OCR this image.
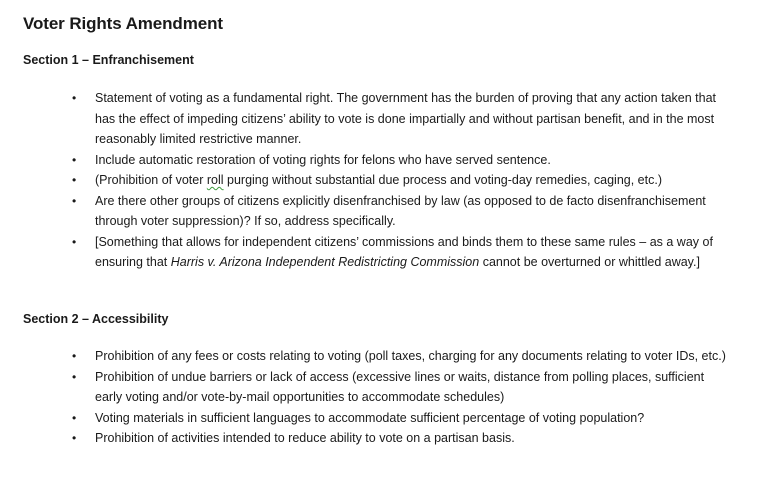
Voter Rights Amendment
Section 1 – Enfranchisement
• Statement of voting as a fundamental right. The government has the burden of proving that any action taken that has the effect of impeding citizens’ ability to vote is done impartially and without partisan benefit, and in the most reasonably limited restrictive manner.
• Include automatic restoration of voting rights for felons who have served sentence.
• (Prohibition of voter roll purging without substantial due process and voting-day remedies, caging, etc.)
• Are there other groups of citizens explicitly disenfranchised by law (as opposed to de facto disenfranchisement through voter suppression)? If so, address specifically.
• [Something that allows for independent citizens’ commissions and binds them to these same rules – as a way of ensuring that Harris v. Arizona Independent Redistricting Commission cannot be overturned or whittled away.]
Section 2 – Accessibility
• Prohibition of any fees or costs relating to voting (poll taxes, charging for any documents relating to voter IDs, etc.)
• Prohibition of undue barriers or lack of access (excessive lines or waits, distance from polling places, sufficient early voting and/or vote-by-mail opportunities to accommodate schedules)
• Voting materials in sufficient languages to accommodate sufficient percentage of voting population?
• Prohibition of activities intended to reduce ability to vote on a partisan basis.
